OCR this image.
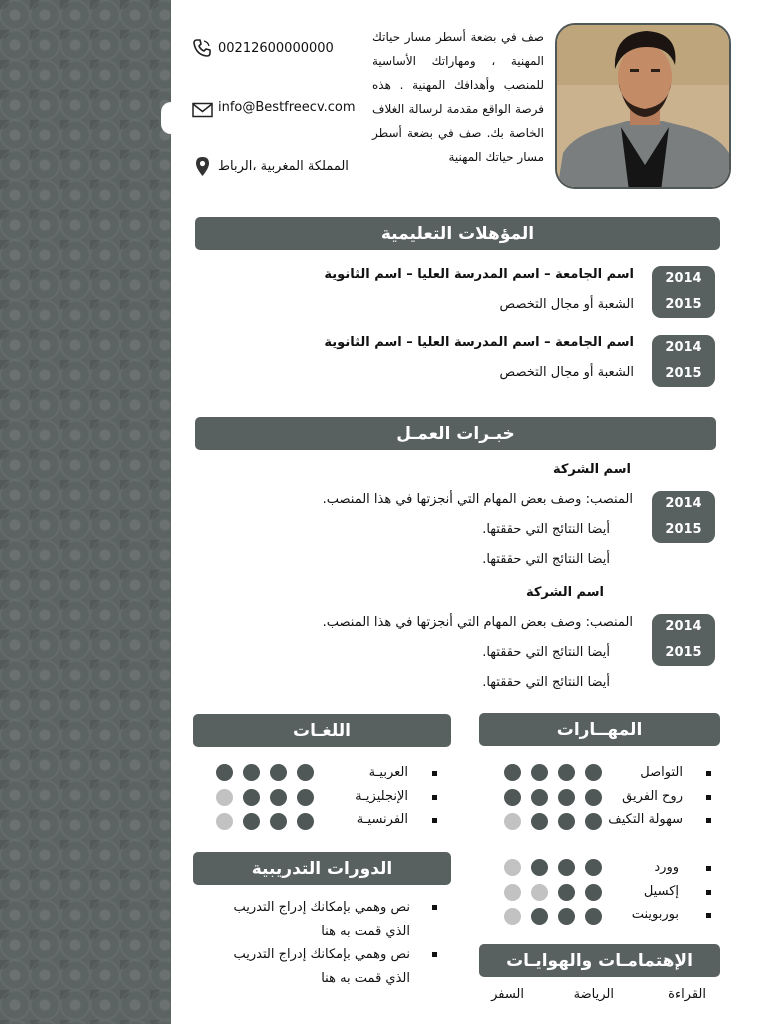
صف في بضعة أسطر مسار حياتك المهنية ، ومهاراتك الأساسية للمنصب وأهدافك المهنية . هذه فرصة الواقع مقدمة لرسالة الغلاف الخاصة بك. صف في بضعة أسطر مسار حياتك المهنية
00212600000000
info@Bestfreecv.com
المملكة المغربية ،الرباط
المؤهلات التعليمية
2014
2015
اسم الجامعة – اسم المدرسة العليا – اسم الثانوية
الشعبة أو مجال التخصص
2014
2015
اسم الجامعة – اسم المدرسة العليا – اسم الثانوية
الشعبة أو مجال التخصص
خبـرات العمـل
اسم الشركة
2014
2015
المنصب: وصف بعض المهام التي أنجزتها في هذا المنصب.
أيضا النتائج التي حققتها.
أيضا النتائج التي حققتها.
اسم الشركة
2014
2015
المنصب: وصف بعض المهام التي أنجزتها في هذا المنصب.
أيضا النتائج التي حققتها.
أيضا النتائج التي حققتها.
المهــارات
اللغـات
التواصل
روح الفريق
سهولة التكيف
وورد
إكسيل
بوربوينت
العربيـة
الإنجليزيـة
الفرنسيـة
الدورات التدريبية
نص وهمي بإمكانك إدراج التدريب الذي قمت به هنا
نص وهمي بإمكانك إدراج التدريب الذي قمت به هنا
الإهتمامـات والهوايـات
القراءة
الرياضة
السفر
